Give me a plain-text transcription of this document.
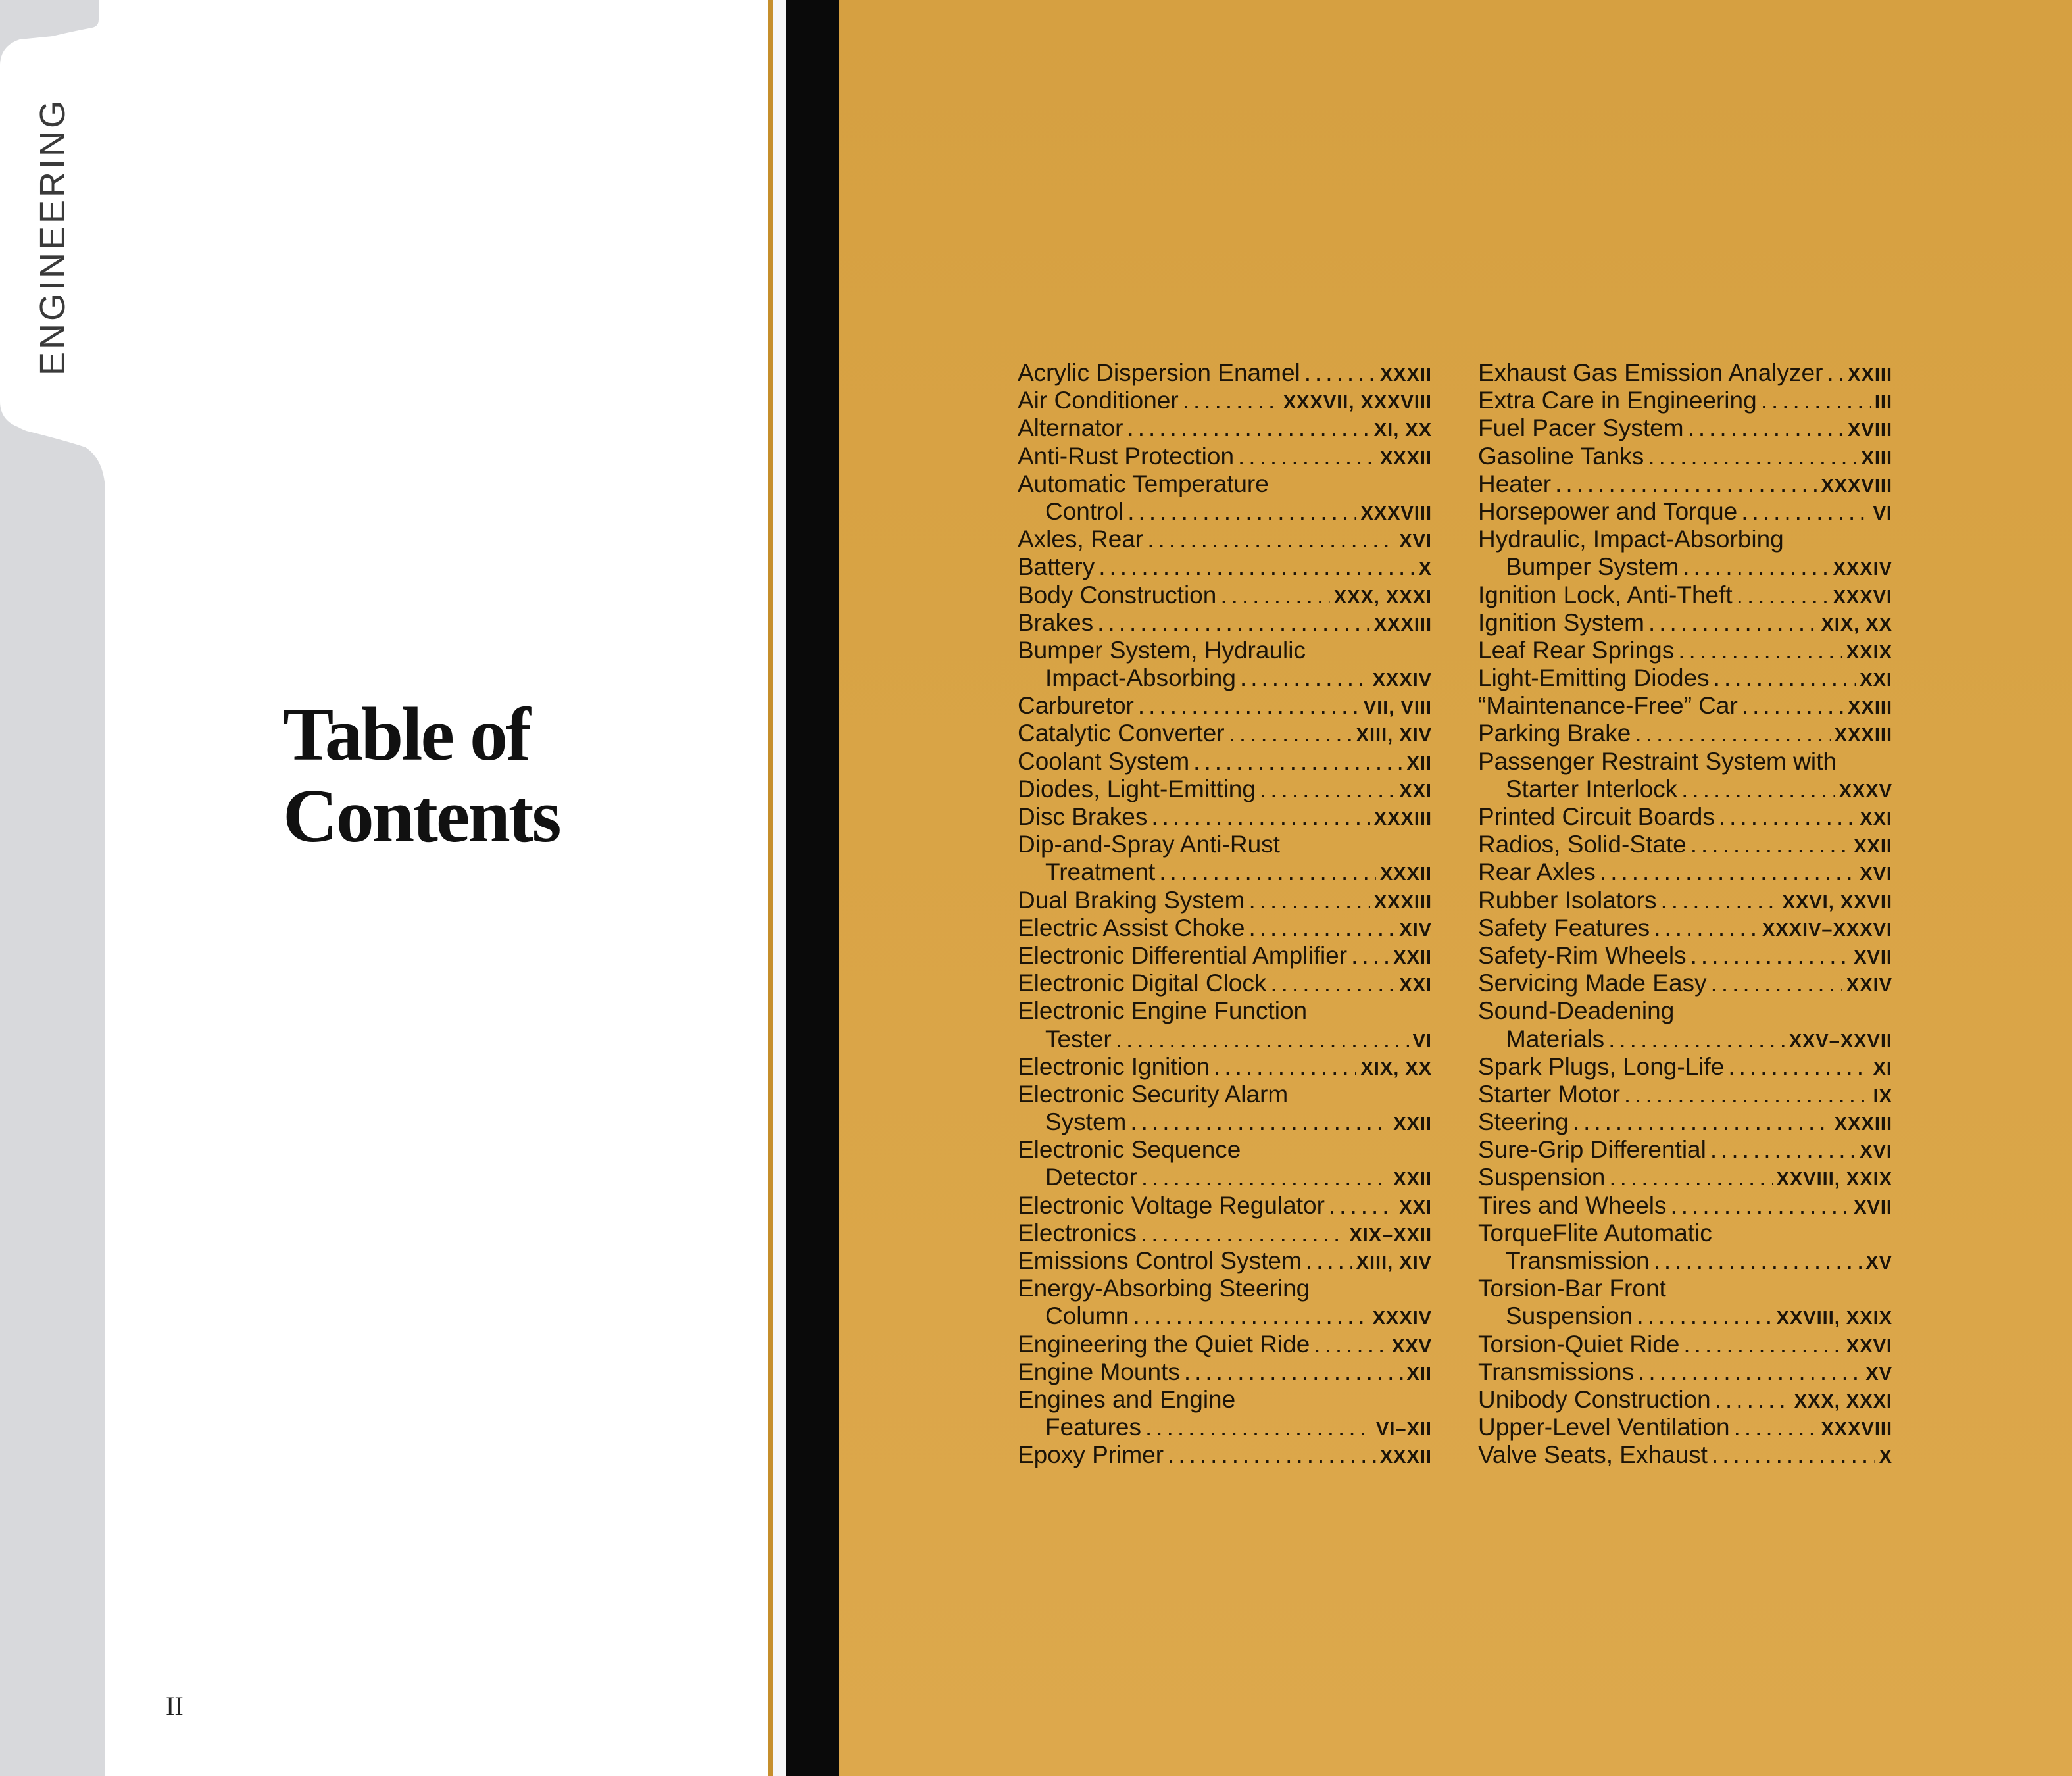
ENGINEERING
Table of
Contents
II
Acrylic Dispersion Enamel .....	XXXII
Air Conditioner .....	XXXVII, XXXVIII
Alternator .....	XI, XX
Anti-Rust Protection .....	XXXII
Automatic Temperature
Control .....	XXXVIII
Axles, Rear .....	XVI
Battery .....	X
Body Construction .....	XXX, XXXI
Brakes .....	XXXIII
Bumper System, Hydraulic
Impact-Absorbing .....	XXXIV
Carburetor .....	VII, VIII
Catalytic Converter .....	XIII, XIV
Coolant System .....	XII
Diodes, Light-Emitting .....	XXI
Disc Brakes .....	XXXIII
Dip-and-Spray Anti-Rust
Treatment .....	XXXII
Dual Braking System .....	XXXIII
Electric Assist Choke .....	XIV
Electronic Differential Amplifier ..... XXII
Electronic Digital Clock .....	XXI
Electronic Engine Function
Tester .....	VI
Electronic Ignition .....	XIX, XX
Electronic Security Alarm
System .....	XXII
Electronic Sequence
Detector .....	XXII
Electronic Voltage Regulator .....	XXI
Electronics .....	XIX–XXII
Emissions Control System .....	XIII, XIV
Energy-Absorbing Steering
Column .....	XXXIV
Engineering the Quiet Ride .....	XXV
Engine Mounts .....	XII
Engines and Engine
Features .....	VI–XII
Epoxy Primer .....	XXXII
Exhaust Gas Emission Analyzer ..... XXIII
Extra Care in Engineering .....	III
Fuel Pacer System .....	XVIII
Gasoline Tanks .....	XIII
Heater .....	XXXVIII
Horsepower and Torque .....	VI
Hydraulic, Impact-Absorbing
Bumper System .....	XXXIV
Ignition Lock, Anti-Theft .....	XXXVI
Ignition System .....	XIX, XX
Leaf Rear Springs .....	XXIX
Light-Emitting Diodes .....	XXI
“Maintenance-Free” Car .....	XXIII
Parking Brake .....	XXXIII
Passenger Restraint System with
Starter Interlock .....	XXXV
Printed Circuit Boards .....	XXI
Radios, Solid-State .....	XXII
Rear Axles .....	XVI
Rubber Isolators .....	XXVI, XXVII
Safety Features .....	XXXIV–XXXVI
Safety-Rim Wheels .....	XVII
Servicing Made Easy .....	XXIV
Sound-Deadening
Materials .....	XXV–XXVII
Spark Plugs, Long-Life .....	XI
Starter Motor .....	IX
Steering .....	XXXIII
Sure-Grip Differential .....	XVI
Suspension .....	XXVIII, XXIX
Tires and Wheels .....	XVII
TorqueFlite Automatic
Transmission .....	XV
Torsion-Bar Front
Suspension .....	XXVIII, XXIX
Torsion-Quiet Ride .....	XXVI
Transmissions .....	XV
Unibody Construction .....	XXX, XXXI
Upper-Level Ventilation .....	XXXVIII
Valve Seats, Exhaust .....	X
